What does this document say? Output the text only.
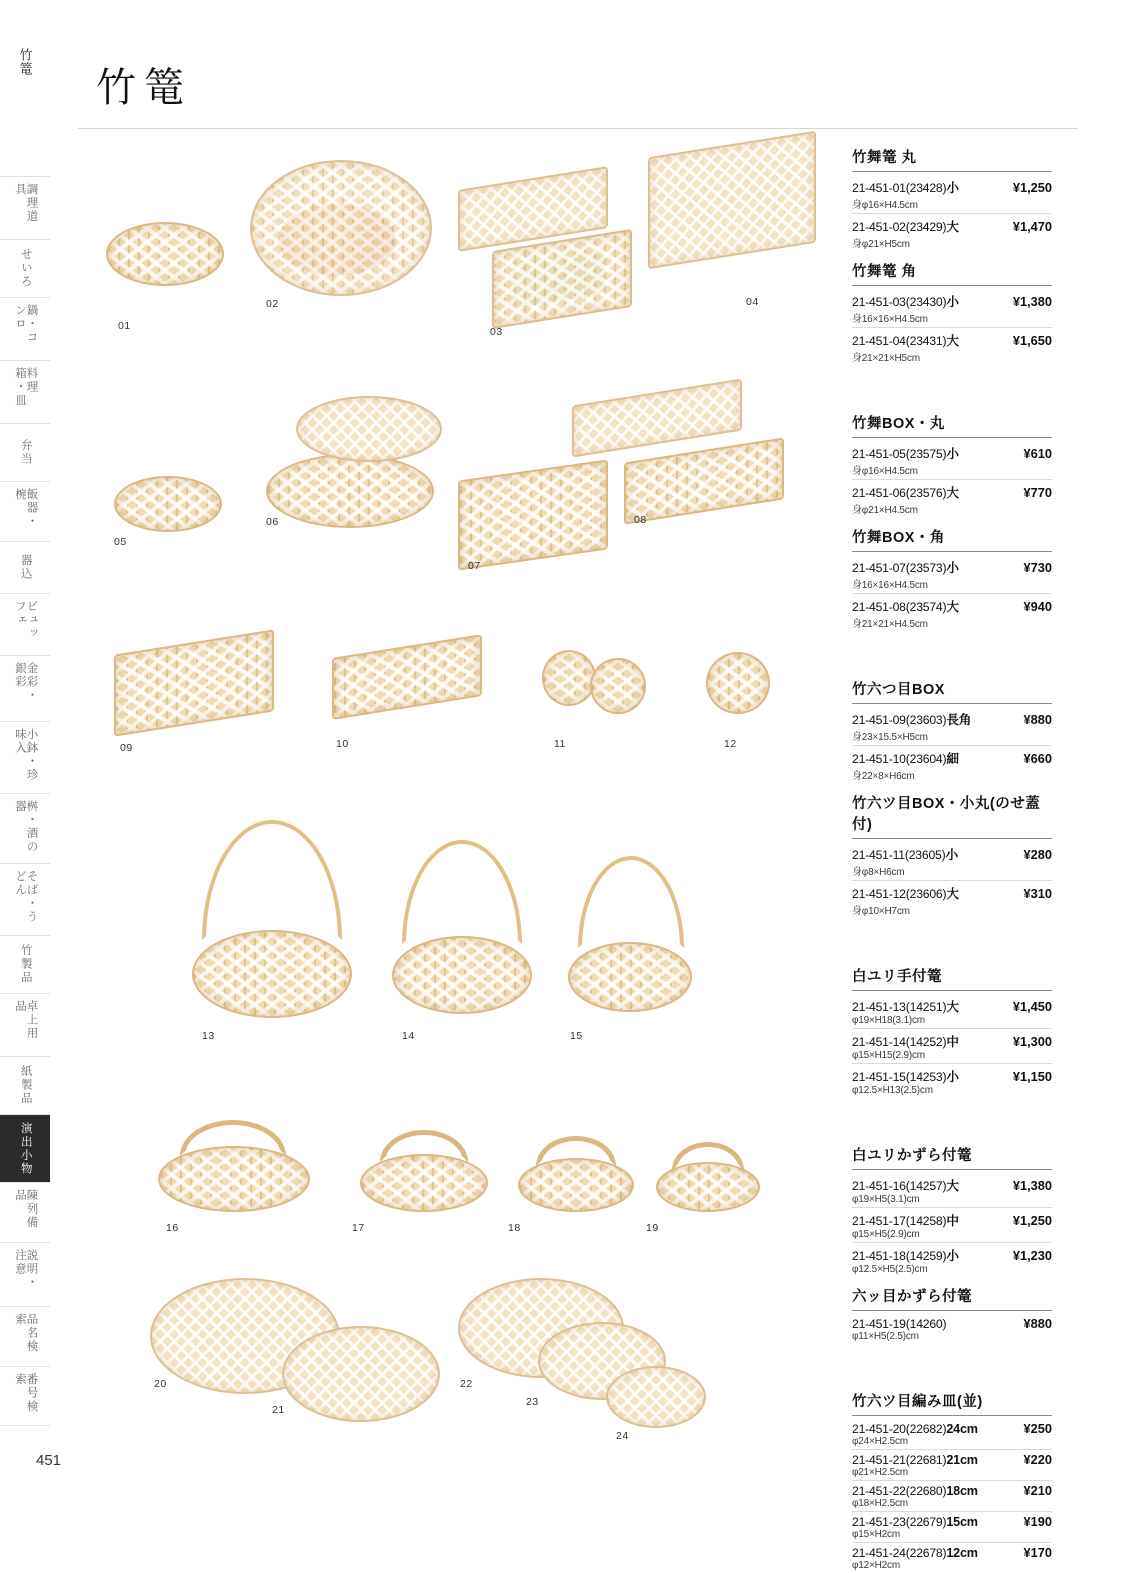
竹篭
調理道具
せいろ
鍋・コンロ
料理箱・皿
弁当
飯器・椀
器込
ビュッフェ
金彩・銀彩
小鉢・珍味入
桝・酒の器
そば・うどん
竹製品
卓上用品
紙製品
演出小物
陳列備品
説明・注意
品名検索
番号検索
竹篭
01
02
03
04
05
06
07
08
09	10	11	12
13	14	15
16	17	18	19
20
21
22
23
24
竹舞篭 丸
21-451-01(23428)小	¥1,250
身φ16×H4.5cm
21-451-02(23429)大	¥1,470
身φ21×H5cm
竹舞篭 角
21-451-03(23430)小	¥1,380
身16×16×H4.5cm
21-451-04(23431)大	¥1,650
身21×21×H5cm
竹舞BOX・丸
21-451-05(23575)小	¥610
身φ16×H4.5cm
21-451-06(23576)大	¥770
身φ21×H4.5cm
竹舞BOX・角
21-451-07(23573)小	¥730
身16×16×H4.5cm
21-451-08(23574)大	¥940
身21×21×H4.5cm
竹六つ目BOX
21-451-09(23603)長角	¥880
身23×15.5×H5cm
21-451-10(23604)細	¥660
身22×8×H6cm
竹六ツ目BOX・小丸(のせ蓋付)
21-451-11(23605)小	¥280
身φ8×H6cm
21-451-12(23606)大	¥310
身φ10×H7cm
白ユリ手付篭
21-451-13(14251)大	¥1,450
φ19×H18(3.1)cm
21-451-14(14252)中	¥1,300
φ15×H15(2.9)cm
21-451-15(14253)小	¥1,150
φ12.5×H13(2.5)cm
白ユリかずら付篭
21-451-16(14257)大	¥1,380
φ19×H5(3.1)cm
21-451-17(14258)中	¥1,250
φ15×H5(2.9)cm
21-451-18(14259)小	¥1,230
φ12.5×H5(2.5)cm
六ッ目かずら付篭
21-451-19(14260)	¥880
φ11×H5(2.5)cm
竹六ツ目編み皿(並)
21-451-20(22682)24cm	¥250
φ24×H2.5cm
21-451-21(22681)21cm	¥220
φ21×H2.5cm
21-451-22(22680)18cm	¥210
φ18×H2.5cm
21-451-23(22679)15cm	¥190
φ15×H2cm
21-451-24(22678)12cm	¥170
φ12×H2cm
451
